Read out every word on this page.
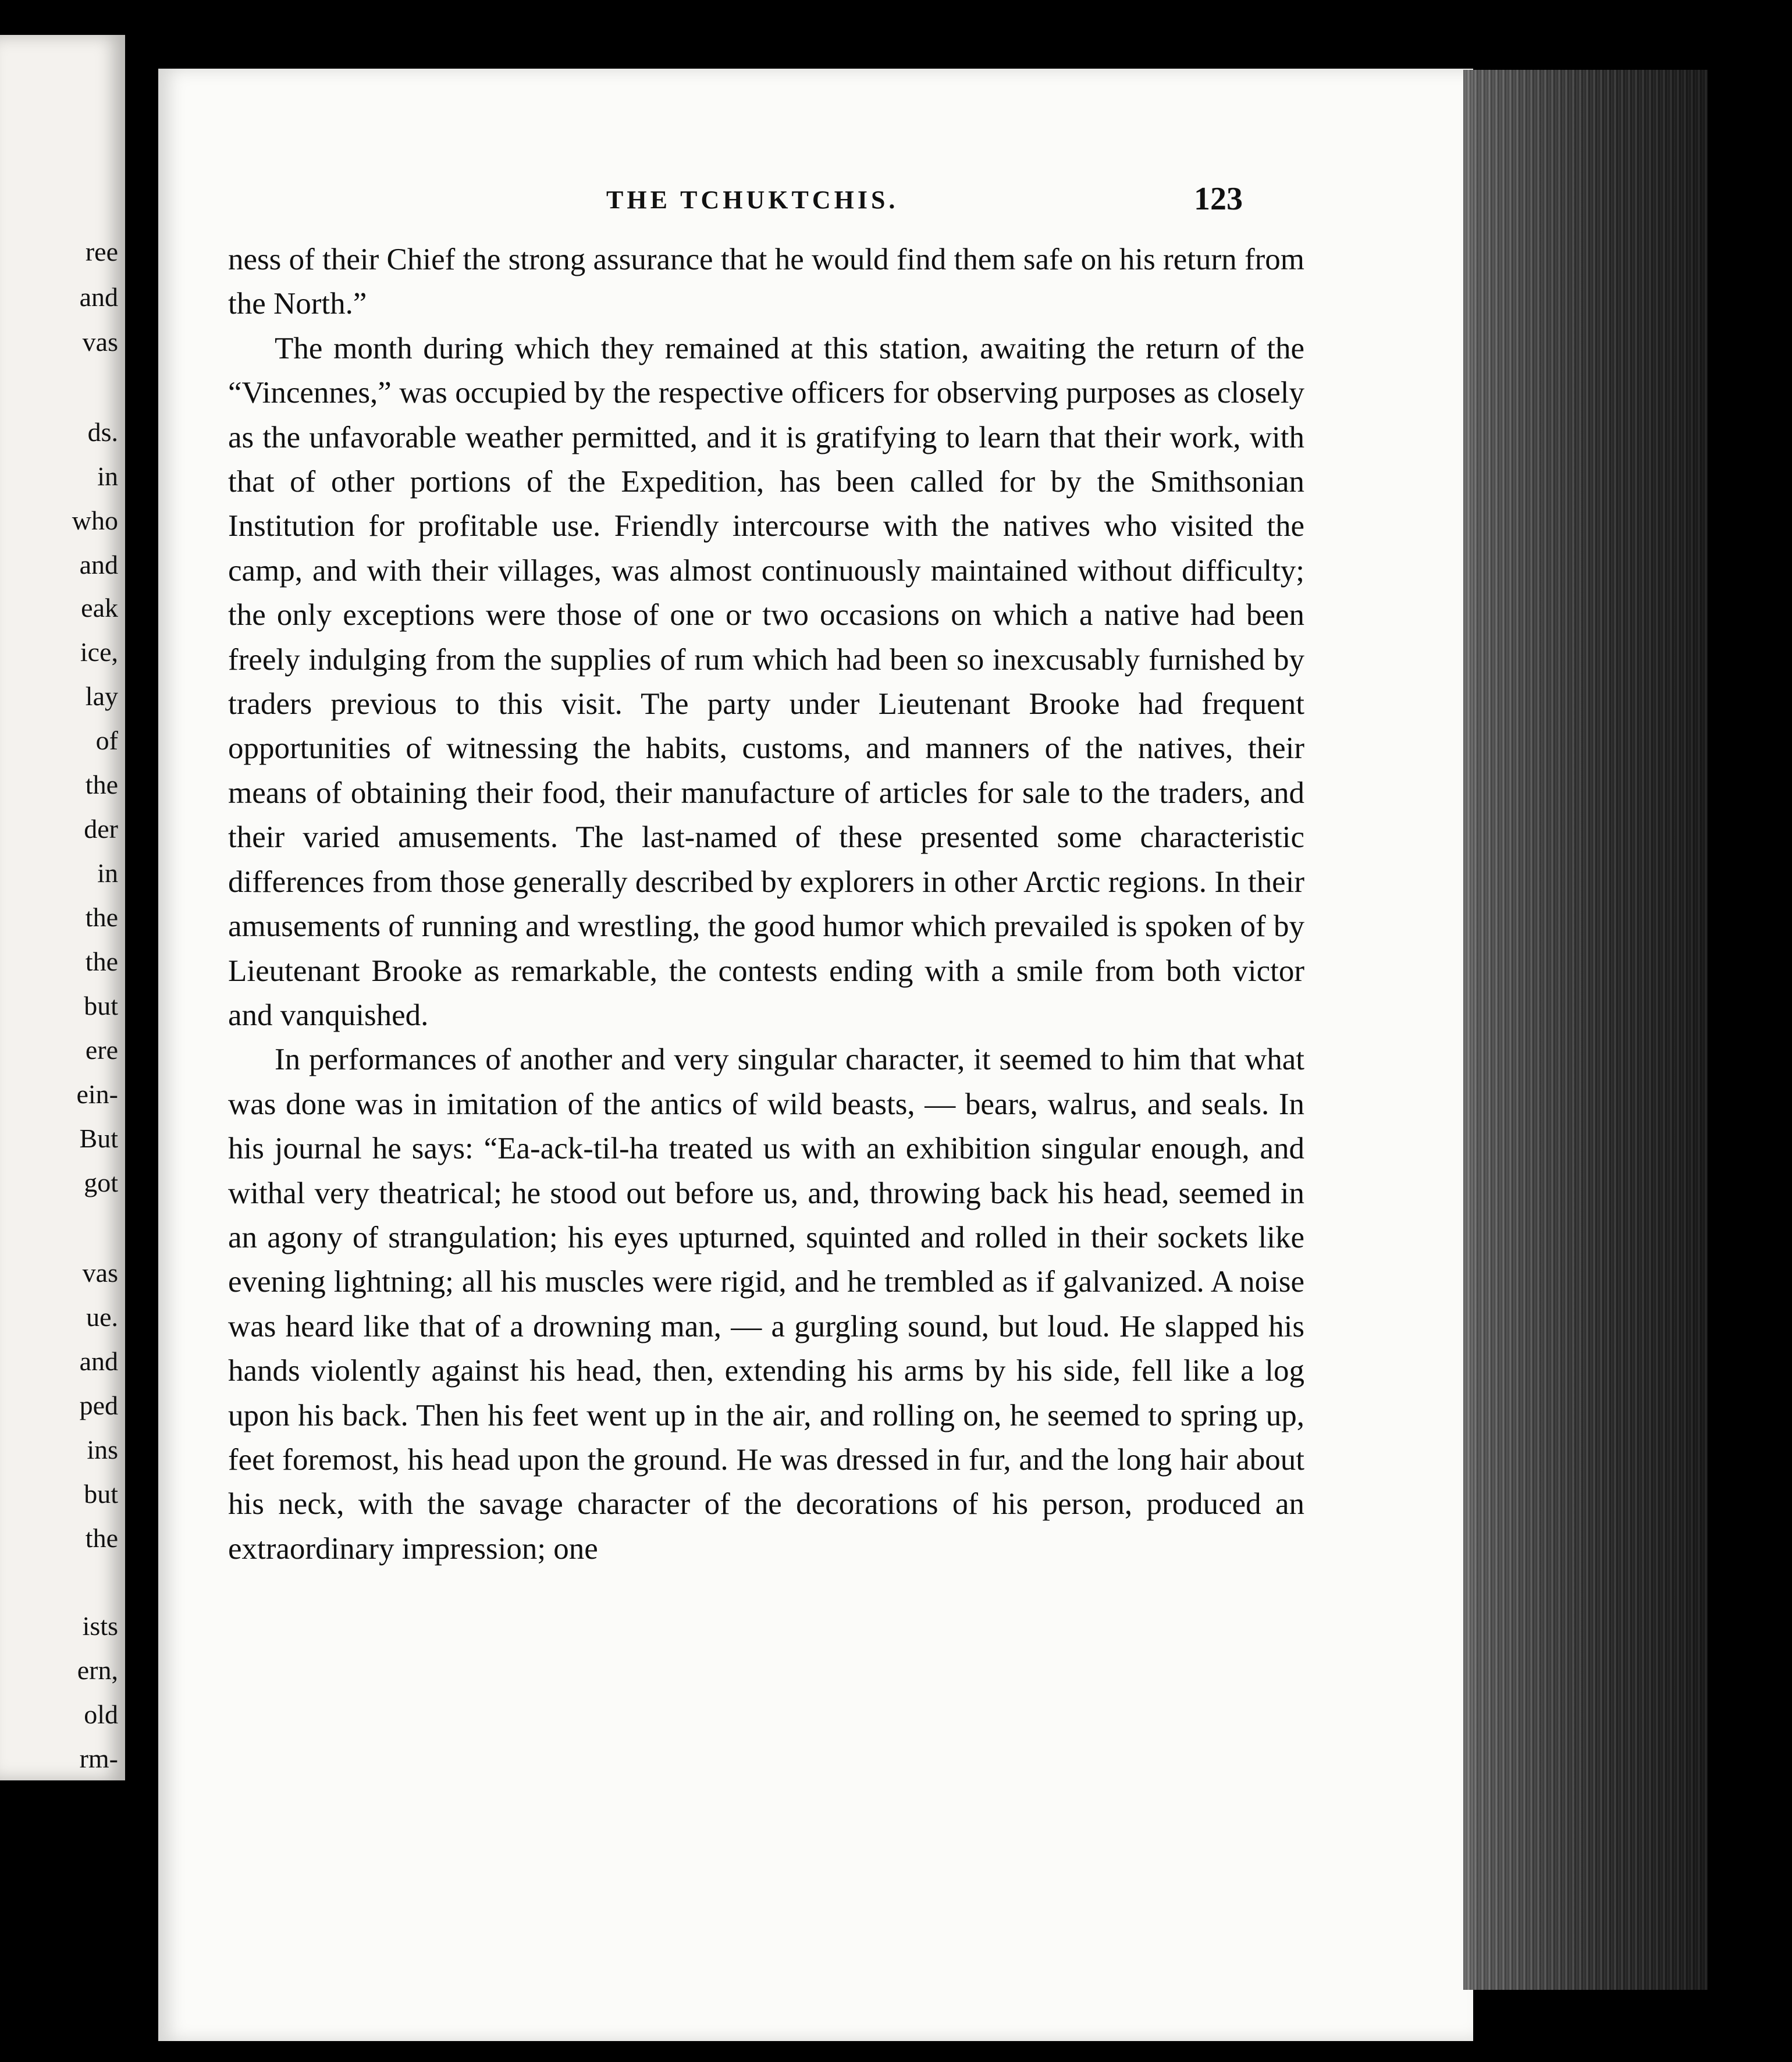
ree
and
vas
ds.
in
who
and
eak
ice,
lay
of
the
der
in
the
the
but
ere
ein-
But
got
vas
ue.
and
ped
ins
but
the
ists
ern,
old
rm-
THE TCHUKTCHIS.	123

ness of their Chief the strong assurance that he would find them safe on his return from the North.”

The month during which they remained at this station, awaiting the return of the “Vincennes,” was occupied by the respective officers for observing purposes as closely as the unfavorable weather permitted, and it is gratifying to learn that their work, with that of other portions of the Expedition, has been called for by the Smithsonian Institution for profitable use. Friendly intercourse with the natives who visited the camp, and with their villages, was almost continuously maintained without difficulty; the only exceptions were those of one or two occasions on which a native had been freely indulging from the supplies of rum which had been so inexcusably furnished by traders previous to this visit. The party under Lieutenant Brooke had frequent opportunities of witnessing the habits, customs, and manners of the natives, their means of obtaining their food, their manufacture of articles for sale to the traders, and their varied amusements. The last-named of these presented some characteristic differences from those generally described by explorers in other Arctic regions. In their amusements of running and wrestling, the good humor which prevailed is spoken of by Lieutenant Brooke as remarkable, the contests ending with a smile from both victor and vanquished.

In performances of another and very singular character, it seemed to him that what was done was in imitation of the antics of wild beasts, — bears, walrus, and seals. In his journal he says: “Ea-ack-til-ha treated us with an exhibition singular enough, and withal very theatrical; he stood out before us, and, throwing back his head, seemed in an agony of strangulation; his eyes upturned, squinted and rolled in their sockets like evening lightning; all his muscles were rigid, and he trembled as if galvanized. A noise was heard like that of a drowning man, — a gurgling sound, but loud. He slapped his hands violently against his head, then, extending his arms by his side, fell like a log upon his back. Then his feet went up in the air, and rolling on, he seemed to spring up, feet foremost, his head upon the ground. He was dressed in fur, and the long hair about his neck, with the savage character of the decorations of his person, produced an extraordinary impression; one
